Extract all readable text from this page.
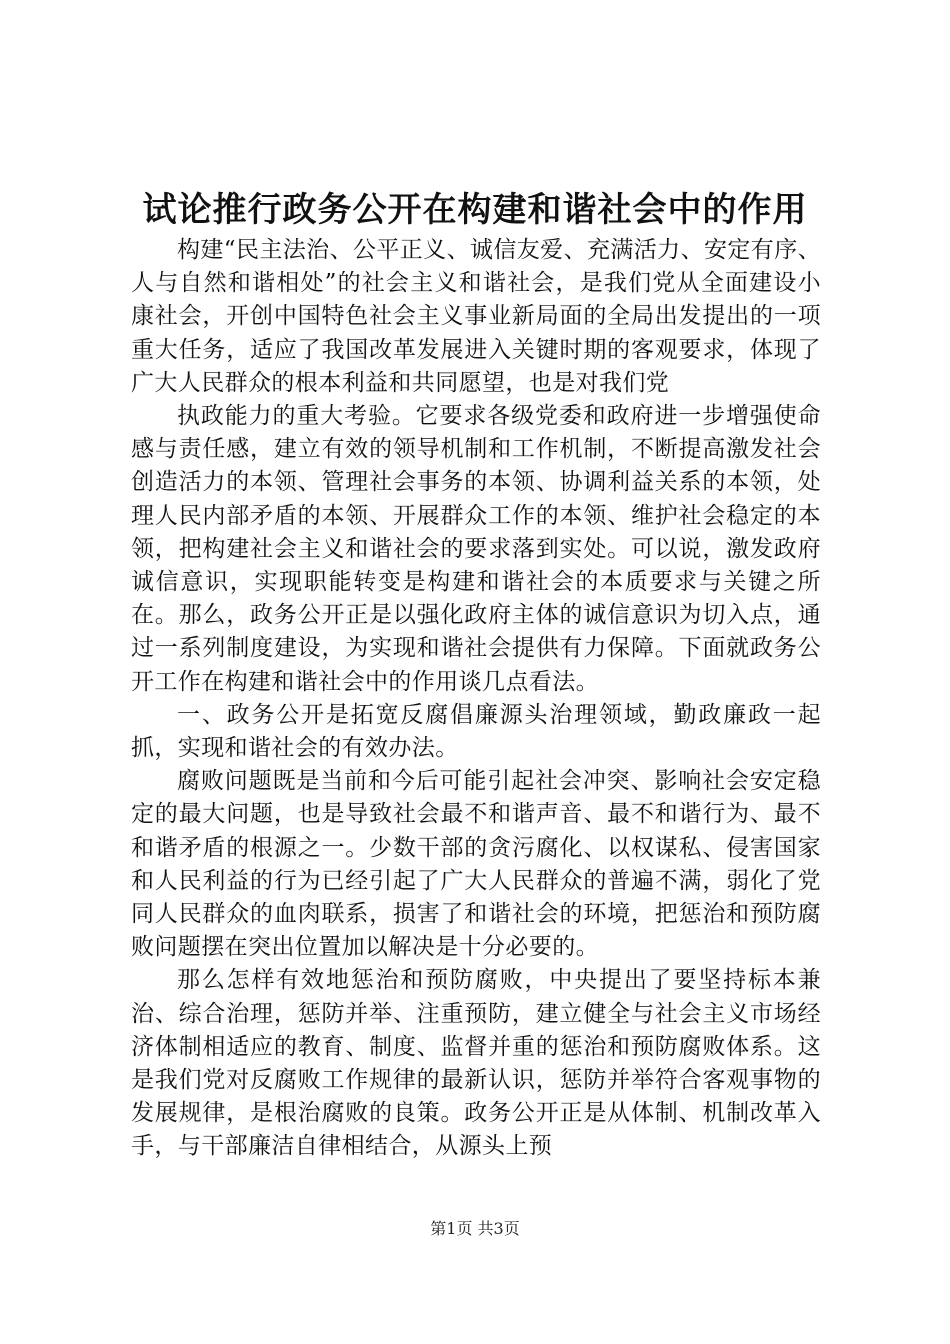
试论推行政务公开在构建和谐社会中的作用

构建“民主法治、公平正义、诚信友爱、充满活力、安定有序、人与自然和谐相处”的社会主义和谐社会，是我们党从全面建设小康社会，开创中国特色社会主义事业新局面的全局出发提出的一项重大任务，适应了我国改革发展进入关键时期的客观要求，体现了广大人民群众的根本利益和共同愿望，也是对我们党

执政能力的重大考验。它要求各级党委和政府进一步增强使命感与责任感，建立有效的领导机制和工作机制，不断提高激发社会创造活力的本领、管理社会事务的本领、协调利益关系的本领，处理人民内部矛盾的本领、开展群众工作的本领、维护社会稳定的本领，把构建社会主义和谐社会的要求落到实处。可以说，激发政府诚信意识，实现职能转变是构建和谐社会的本质要求与关键之所在。那么，政务公开正是以强化政府主体的诚信意识为切入点，通过一系列制度建设，为实现和谐社会提供有力保障。下面就政务公开工作在构建和谐社会中的作用谈几点看法。

一、政务公开是拓宽反腐倡廉源头治理领域，勤政廉政一起抓，实现和谐社会的有效办法。

腐败问题既是当前和今后可能引起社会冲突、影响社会安定稳定的最大问题，也是导致社会最不和谐声音、最不和谐行为、最不和谐矛盾的根源之一。少数干部的贪污腐化、以权谋私、侵害国家和人民利益的行为已经引起了广大人民群众的普遍不满，弱化了党同人民群众的血肉联系，损害了和谐社会的环境，把惩治和预防腐败问题摆在突出位置加以解决是十分必要的。

那么怎样有效地惩治和预防腐败，中央提出了要坚持标本兼治、综合治理，惩防并举、注重预防，建立健全与社会主义市场经济体制相适应的教育、制度、监督并重的惩治和预防腐败体系。这是我们党对反腐败工作规律的最新认识，惩防并举符合客观事物的发展规律，是根治腐败的良策。政务公开正是从体制、机制改革入手，与干部廉洁自律相结合，从源头上预

第1页 共3页
